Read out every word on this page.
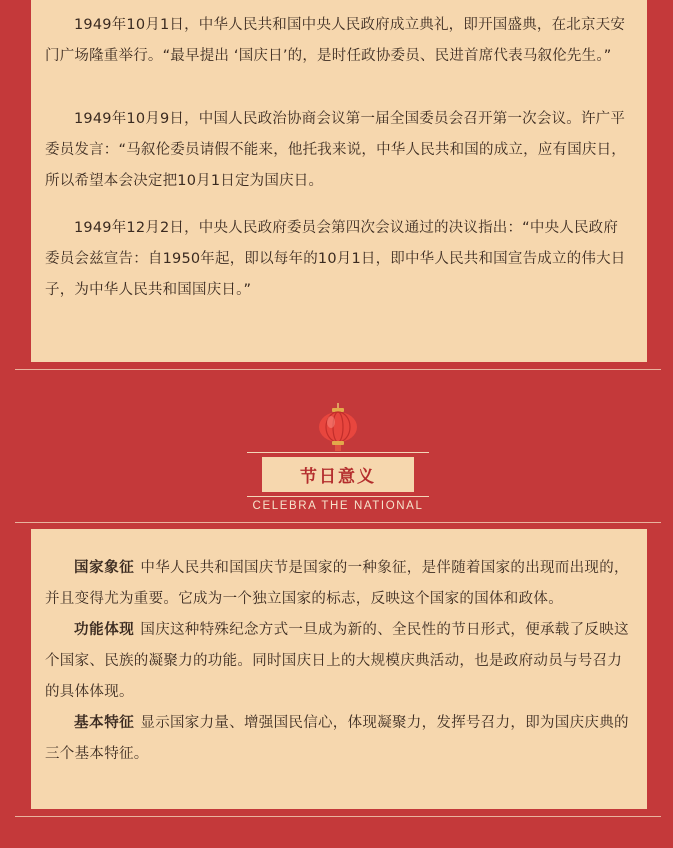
1949年10月1日，中华人民共和国中央人民政府成立典礼，即开国盛典，在北京天安门广场隆重举行。“最早提出 ‘国庆日’的，是时任政协委员、民进首席代表马叙伦先生。”

1949年10月9日，中国人民政治协商会议第一届全国委员会召开第一次会议。许广平委员发言：“马叙伦委员请假不能来，他托我来说，中华人民共和国的成立，应有国庆日，所以希望本会决定把10月1日定为国庆日。

1949年12月2日，中央人民政府委员会第四次会议通过的决议指出：“中央人民政府委员会兹宣告：自1950年起，即以每年的10月1日，即中华人民共和国宣告成立的伟大日子，为中华人民共和国国庆日。”

节日意义
CELEBRA THE NATIONAL

国家象征 中华人民共和国国庆节是国家的一种象征，是伴随着国家的出现而出现的，并且变得尤为重要。它成为一个独立国家的标志，反映这个国家的国体和政体。

功能体现 国庆这种特殊纪念方式一旦成为新的、全民性的节日形式，便承载了反映这个国家、民族的凝聚力的功能。同时国庆日上的大规模庆典活动，也是政府动员与号召力的具体体现。

基本特征 显示国家力量、增强国民信心，体现凝聚力，发挥号召力，即为国庆庆典的三个基本特征。
